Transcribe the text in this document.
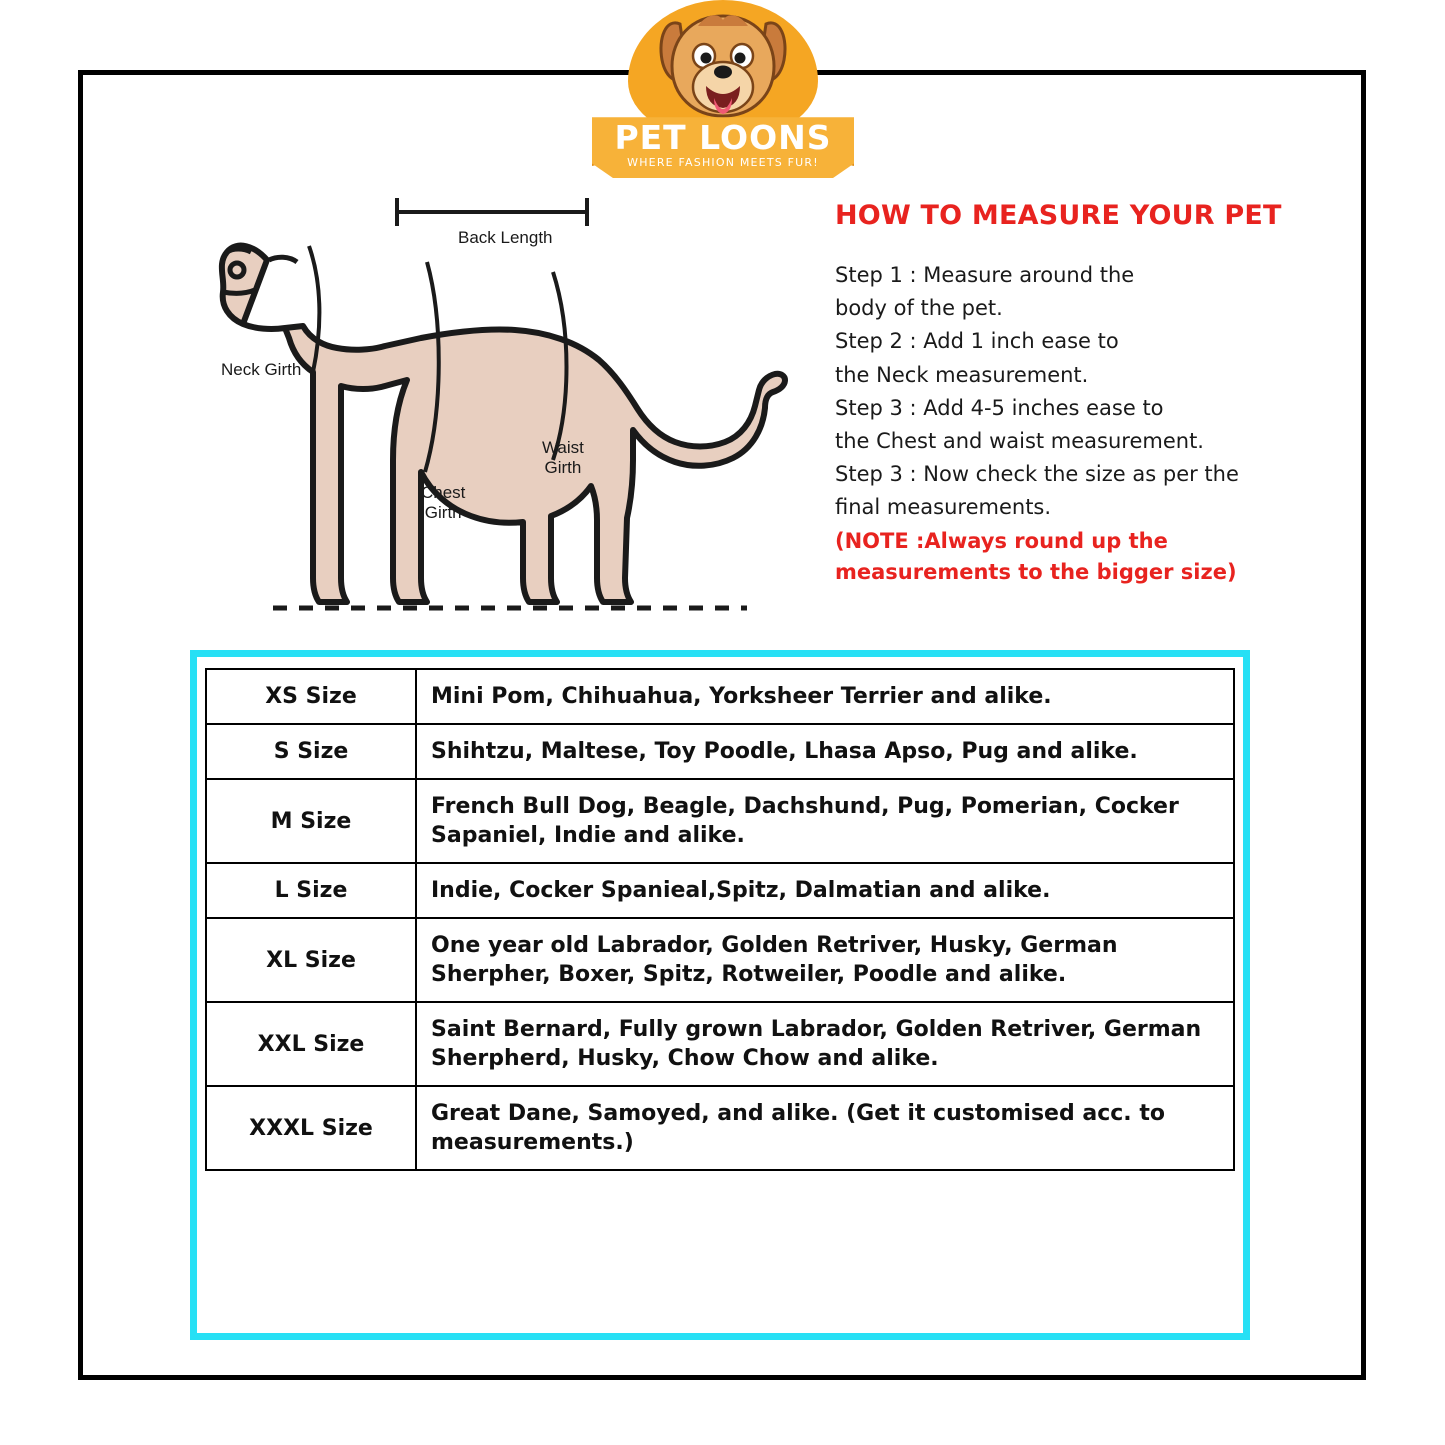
PET LOONS
WHERE FASHION MEETS FUR!
Back Length
Neck Girth
Chest
Girth
Waist
Girth
HOW TO MEASURE YOUR PET

Step 1 : Measure around the

body of the pet.

Step 2 : Add 1 inch ease to

the Neck measurement.

Step 3 : Add 4-5 inches ease to

the Chest and waist measurement.

Step 3 : Now check the size as per the

final measurements.

(NOTE :Always round up the
measurements to the bigger size)
XS Size	Mini Pom, Chihuahua, Yorksheer Terrier and alike.
S Size	Shihtzu, Maltese, Toy Poodle, Lhasa Apso, Pug and alike.
M Size	French Bull Dog, Beagle, Dachshund, Pug, Pomerian, Cocker Sapaniel, Indie and alike.
L Size	Indie, Cocker Spanieal,Spitz, Dalmatian and alike.
XL Size	One year old Labrador, Golden Retriver, Husky, German Sherpher, Boxer, Spitz, Rotweiler, Poodle and alike.
XXL Size	Saint Bernard, Fully grown Labrador, Golden Retriver, German Sherpherd, Husky, Chow Chow and alike.
XXXL Size	Great Dane, Samoyed, and alike. (Get it customised acc. to measurements.)
